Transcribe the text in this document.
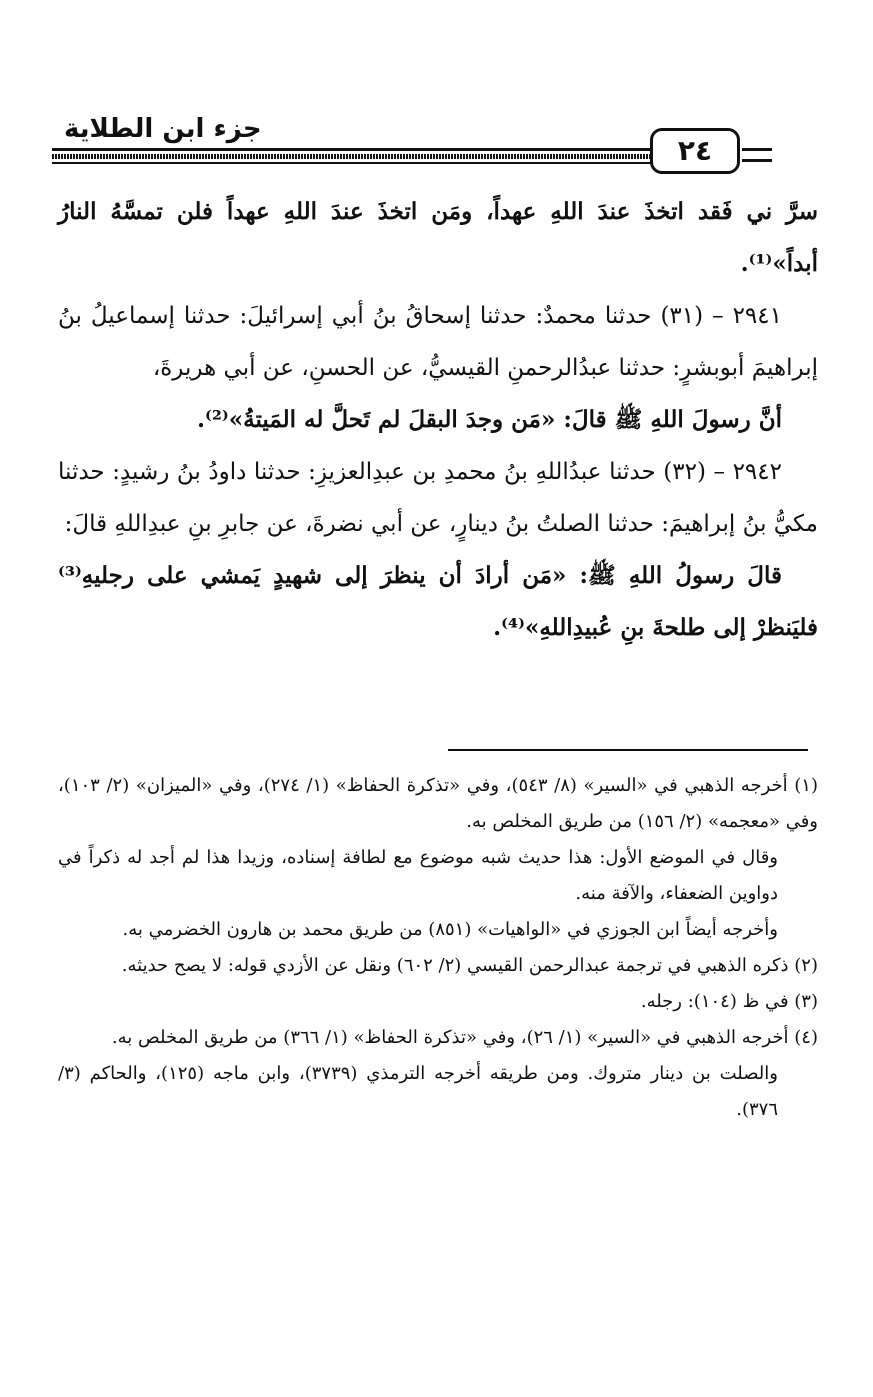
جزء ابن الطلاية
٢٤

سرَّ ني فَقد اتخذَ عندَ اللهِ عهداً، ومَن اتخذَ عندَ اللهِ عهداً فلن تمسَّهُ النارُ أبداً»⁽¹⁾.

٢٩٤١ – (٣١) حدثنا محمدٌ: حدثنا إسحاقُ بنُ أبي إسرائيلَ: حدثنا إسماعيلُ بنُ إبراهيمَ أبوبشرٍ: حدثنا عبدُالرحمنِ القيسيُّ، عن الحسنِ، عن أبي هريرةَ،

أنَّ رسولَ اللهِ ﷺ قالَ: «مَن وجدَ البقلَ لم تَحلَّ له المَيتةُ»⁽²⁾.

٢٩٤٢ – (٣٢) حدثنا عبدُاللهِ بنُ محمدِ بن عبدِالعزيزِ: حدثنا داودُ بنُ رشيدٍ: حدثنا مكيُّ بنُ إبراهيمَ: حدثنا الصلتُ بنُ دينارٍ، عن أبي نضرةَ، عن جابرِ بنِ عبدِاللهِ قالَ:

قالَ رسولُ اللهِ ﷺ: «مَن أرادَ أن ينظرَ إلى شهيدٍ يَمشي على رجليهِ⁽³⁾ فليَنظرْ إلى طلحةَ بنِ عُبيدِاللهِ»⁽⁴⁾.

(١) أخرجه الذهبي في «السير» (٨/ ٥٤٣)، وفي «تذكرة الحفاظ» (١/ ٢٧٤)، وفي «الميزان» (٢/ ١٠٣)، وفي «معجمه» (٢/ ١٥٦) من طريق المخلص به.

وقال في الموضع الأول: هذا حديث شبه موضوع مع لطافة إسناده، وزيدا هذا لم أجد له ذكراً في دواوين الضعفاء، والآفة منه.

وأخرجه أيضاً ابن الجوزي في «الواهيات» (٨٥١) من طريق محمد بن هارون الخضرمي به.

(٢) ذكره الذهبي في ترجمة عبدالرحمن القيسي (٢/ ٦٠٢) ونقل عن الأزدي قوله: لا يصح حديثه.

(٣) في ظ (١٠٤): رجله.

(٤) أخرجه الذهبي في «السير» (١/ ٢٦)، وفي «تذكرة الحفاظ» (١/ ٣٦٦) من طريق المخلص به.

والصلت بن دينار متروك. ومن طريقه أخرجه الترمذي (٣٧٣٩)، وابن ماجه (١٢٥)، والحاكم (٣/ ٣٧٦).
